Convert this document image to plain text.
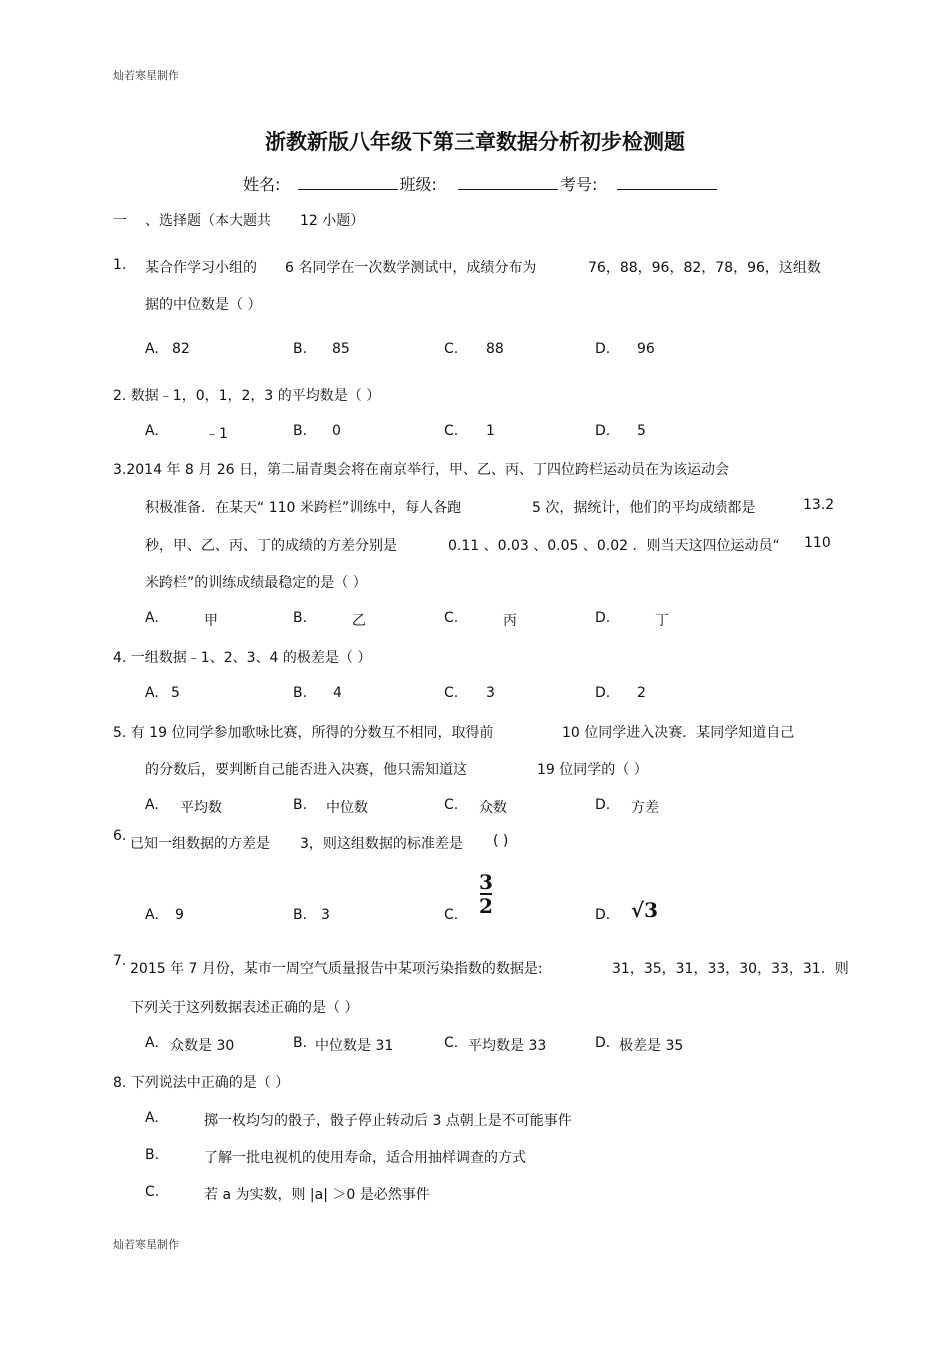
灿若寒星制作
灿若寒星制作
浙教新版八年级下第三章数据分析初步检测题
姓名:	班级:	考号:
一 、选择题（本大题共 12 小题）
1. 某合作学习小组的 6 名同学在一次数学测试中，成绩分布为	76，88，96，82，78，96，这组数
据的中位数是（ ）
A. 82	B. 85	C. 88	D. 96
2. 数据﹣1，0，1，2，3 的平均数是（ ）
A.	﹣1	B. 0	C. 1	D. 5
3.2014 年 8 月 26 日，第二届青奥会将在南京举行，甲、乙、丙、丁四位跨栏运动员在为该运动会
积极准备．在某天“ 110 米跨栏”训练中，每人各跑	5 次，据统计，他们的平均成绩都是	13.2
秒，甲、乙、丙、丁的成绩的方差分别是	0.11 、0.03 、0.05 、0.02 ．则当天这四位运动员“ 110
米跨栏”的训练成绩最稳定的是（ ）
A.	甲	B.	乙	C.	丙	D.	丁
4. 一组数据﹣1、2、3、4 的极差是（ ）
A. 5	B. 4	C. 3	D. 2
5. 有 19 位同学参加歌咏比赛，所得的分数互不相同，取得前	10 位同学进入决赛．某同学知道自己
的分数后，要判断自己能否进入决赛，他只需知道这	19 位同学的（ ）
A. 平均数	B. 中位数	C. 众数	D. 方差
6. 已知一组数据的方差是 3，则这组数据的标准差是 ( )
A. 9	B. 3	C.
3
2	D. √3
7. 2015 年 7 月份，某市一周空气质量报告中某项污染指数的数据是:	31，35，31，33，30，33，31．则
下列关于这列数据表述正确的是（ ）
A. 众数是 30	B. 中位数是 31	C. 平均数是 33	D. 极差是 35
8. 下列说法中正确的是（ ）
A.	掷一枚均匀的骰子，骰子停止转动后 3 点朝上是不可能事件
B.	了解一批电视机的使用寿命，适合用抽样调查的方式
C.	若 a 为实数，则 |a| ＞0 是必然事件
